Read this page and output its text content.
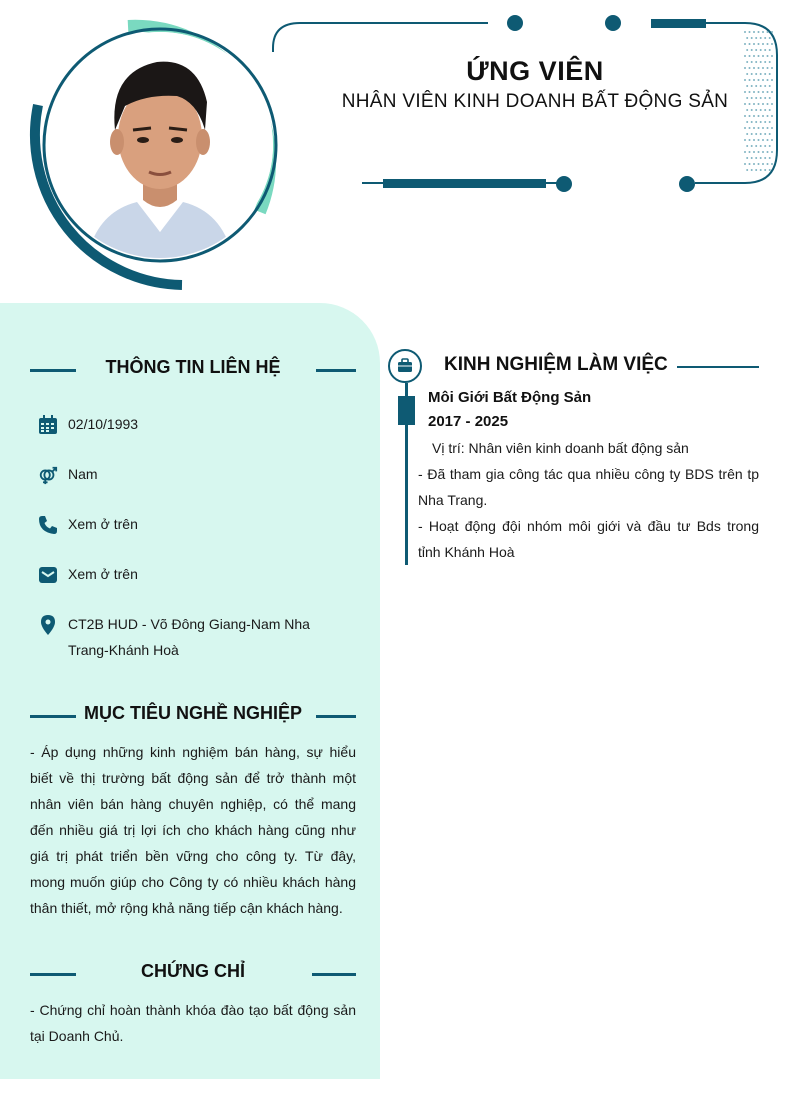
ỨNG VIÊN
NHÂN VIÊN KINH DOANH BẤT ĐỘNG SẢN
THÔNG TIN LIÊN HỆ
02/10/1993
Nam
Xem ở trên
Xem ở trên
CT2B HUD - Võ Đông Giang-Nam Nha Trang-Khánh Hoà
MỤC TIÊU NGHỀ NGHIỆP
- Áp dụng những kinh nghiệm bán hàng, sự hiểu biết về thị trường bất động sản để trở thành một nhân viên bán hàng chuyên nghiệp, có thể mang đến nhiều giá trị lợi ích cho khách hàng cũng như giá trị phát triển bền vững cho công ty. Từ đây, mong muốn giúp cho Công ty có nhiều khách hàng thân thiết, mở rộng khả năng tiếp cận khách hàng.
CHỨNG CHỈ
- Chứng chỉ hoàn thành khóa đào tạo bất động sản tại Doanh Chủ.
KINH NGHIỆM LÀM VIỆC
Môi Giới Bất Động Sản
2017 - 2025
Vị trí: Nhân viên kinh doanh bất động sản
- Đã tham gia công tác qua nhiều công ty BDS trên tp Nha Trang.
- Hoạt động đội nhóm môi giới và đầu tư Bds trong tỉnh Khánh Hoà
